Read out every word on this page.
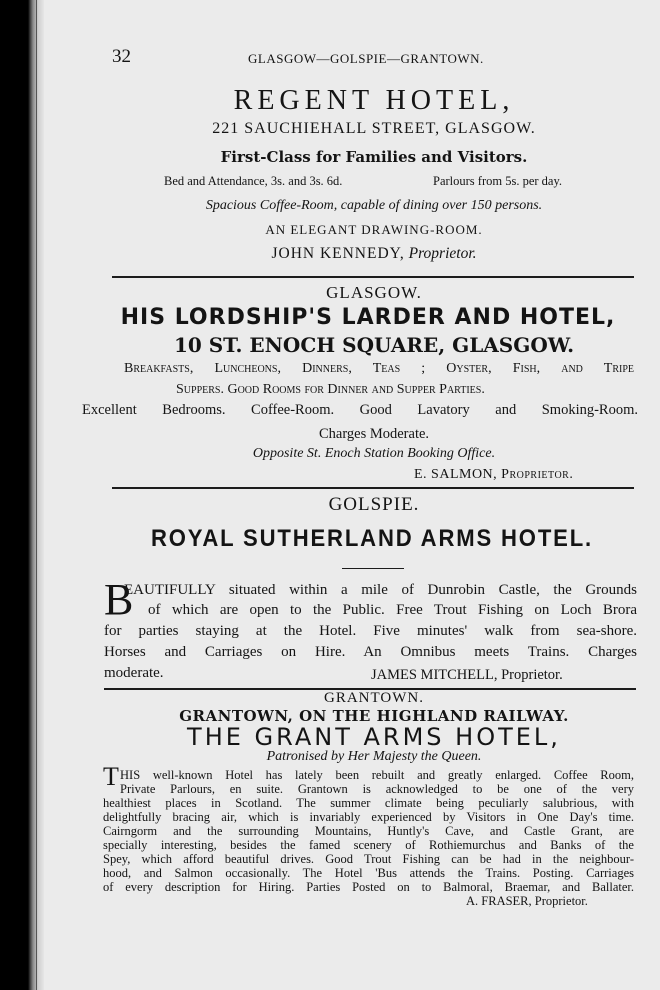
32	GLASGOW—GOLSPIE—GRANTOWN.
REGENT HOTEL,
221 SAUCHIEHALL STREET, GLASGOW.
First-Class for Families and Visitors.
Bed and Attendance, 3s. and 3s. 6d.	Parlours from 5s. per day.
Spacious Coffee-Room, capable of dining over 150 persons.
AN ELEGANT DRAWING-ROOM.
JOHN KENNEDY, Proprietor.
GLASGOW.
HIS LORDSHIP'S LARDER AND HOTEL,
10 ST. ENOCH SQUARE, GLASGOW.
Breakfasts, Luncheons, Dinners, Teas ; Oyster, Fish, and Tripe
Suppers. Good Rooms for Dinner and Supper Parties.
Excellent Bedrooms. Coffee-Room. Good Lavatory and Smoking-Room.
Charges Moderate.
Opposite St. Enoch Station Booking Office.
E. SALMON, Proprietor.
GOLSPIE.
ROYAL SUTHERLAND ARMS HOTEL.
B
EAUTIFULLY situated within a mile of Dunrobin Castle, the Grounds
of which are open to the Public. Free Trout Fishing on Loch Brora
for parties staying at the Hotel. Five minutes' walk from sea-shore.
Horses and Carriages on Hire. An Omnibus meets Trains. Charges
moderate.	JAMES MITCHELL, Proprietor.
GRANTOWN.
GRANTOWN, ON THE HIGHLAND RAILWAY.
THE GRANT ARMS HOTEL,
Patronised by Her Majesty the Queen.
T HIS well-known Hotel has lately been rebuilt and greatly enlarged. Coffee Room,
Private Parlours, en suite. Grantown is acknowledged to be one of the very
healthiest places in Scotland. The summer climate being peculiarly salubrious, with
delightfully bracing air, which is invariably experienced by Visitors in One Day's time.
Cairngorm and the surrounding Mountains, Huntly's Cave, and Castle Grant, are
specially interesting, besides the famed scenery of Rothiemurchus and Banks of the
Spey, which afford beautiful drives. Good Trout Fishing can be had in the neighbour-
hood, and Salmon occasionally. The Hotel 'Bus attends the Trains. Posting. Carriages
of every description for Hiring. Parties Posted on to Balmoral, Braemar, and Ballater.
A. FRASER, Proprietor.
